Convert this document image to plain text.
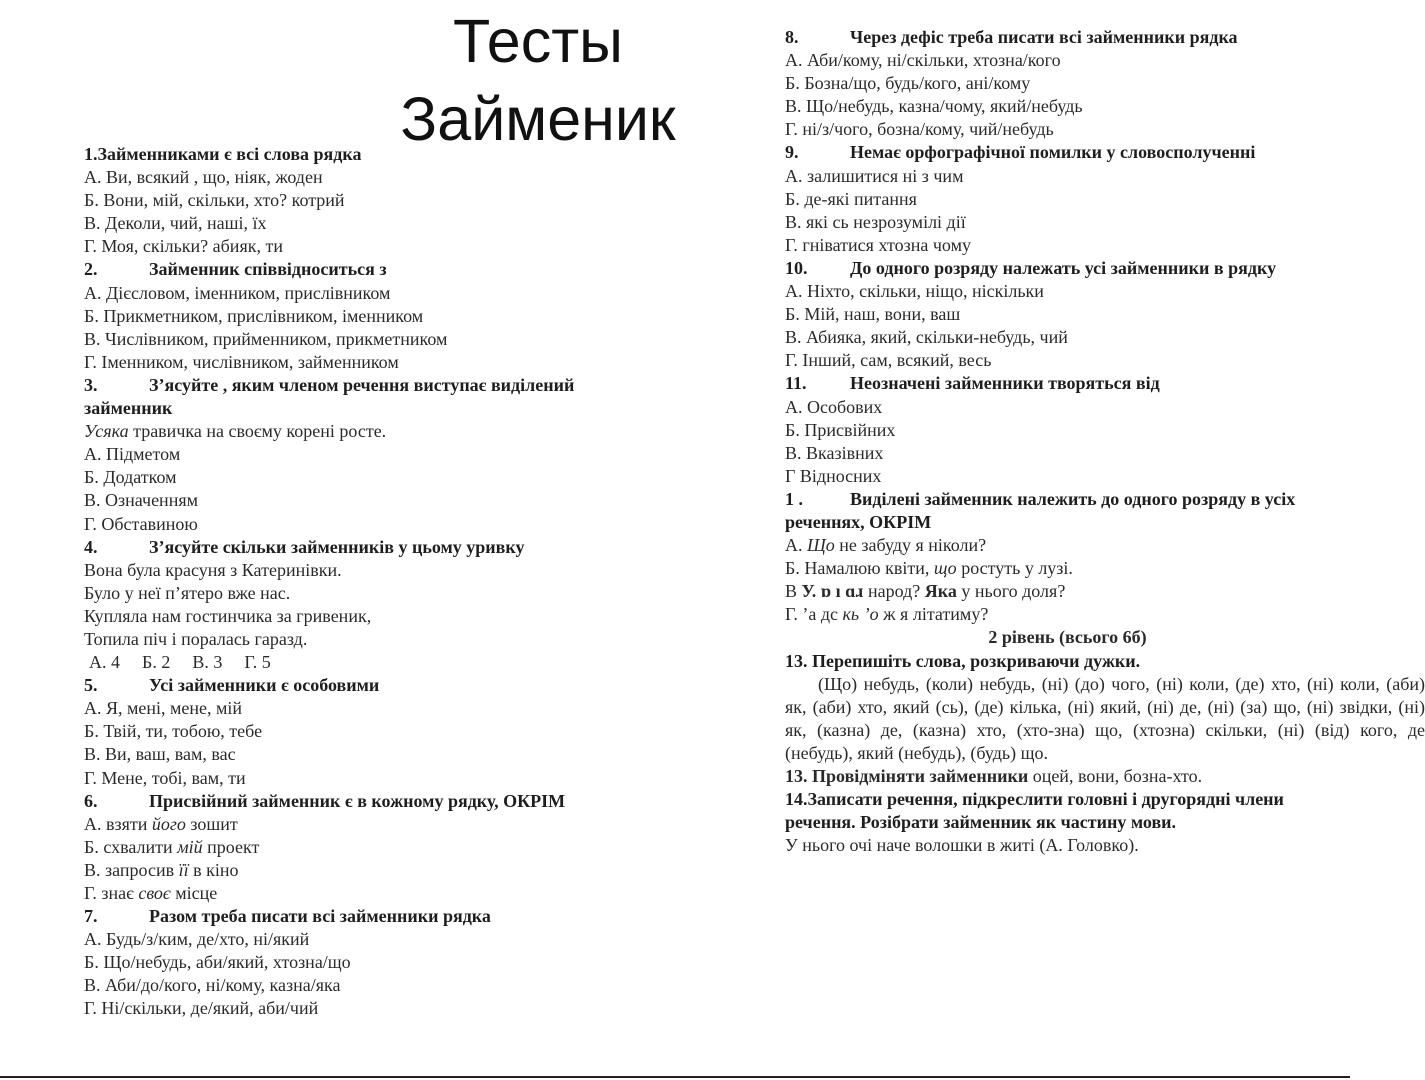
Тесты
Займеник
1.Займенниками є всі слова рядка
А. Ви, всякий , що, ніяк, жоден
Б. Вони, мій, скільки, хто? котрий
В. Деколи, чий, наші, їх
Г. Моя, скільки? абияк, ти
2.	Займенник співвідноситься з
А. Дієсловом, іменником, прислівником
Б. Прикметником, прислівником, іменником
В. Числівником, прийменником, прикметником
Г. Іменником, числівником, займенником
3.	З’ясуйте , яким членом речення виступає виділений
займенник
Усяка травичка на своєму корені росте.
А. Підметом
Б. Додатком
В. Означенням
Г. Обставиною
4.	З’ясуйте скільки займенників у цьому уривку
Вона була красуня з Катеринівки.
Було у неї п’ятеро вже нас.
Купляла нам гостинчика за гривеник,
Топила піч і поралась гаразд.
А. 4 Б. 2 В. 3 Г. 5
5.	Усі займенники є особовими
А. Я, мені, мене, мій
Б. Твій, ти, тобою, тебе
В. Ви, ваш, вам, вас
Г. Мене, тобі, вам, ти
6.	Присвійний займенник є в кожному рядку, ОКРІМ
А. взяти його зошит
Б. схвалити мій проект
В. запросив її в кіно
Г. знає своє місце
7.	Разом треба писати всі займенники рядка
А. Будь/з/ким, де/хто, ні/який
Б. Що/небудь, аби/який, хтозна/що
В. Аби/до/кого, ні/кому, казна/яка
Г. Ні/скільки, де/який, аби/чий
8.	Через дефіс треба писати всі займенники рядка
А. Аби/кому, ні/скільки, хтозна/кого
Б. Бозна/що, будь/кого, ані/кому
В. Що/небудь, казна/чому, який/небудь
Г. ні/з/чого, бозна/кому, чий/небудь
9.	Немає орфографічної помилки у словосполученні
А. залишитися ні з чим
Б. де-які питання
В. які сь незрозумілі дії
Г. гніватися хтозна чому
10. До одного розряду належать усі займенники в рядку
А. Ніхто, скільки, ніщо, ніскільки
Б. Мій, наш, вони, ваш
В. Абияка, який, скільки-небудь, чий
Г. Інший, сам, всякий, весь
11. Неозначені займенники творяться від
А. Особових
Б. Присвійних
В. Вказівних
Г Відносних
1 .	Виділені займенник належить до одного розряду в усіх
реченнях, ОКРІМ
А. Що не забуду я ніколи?
Б. Намалюю квіти, що ростуть у лузі.
В У. ɒ ı ɑɹ народ? Яка у нього доля?
Г. ʼа дс кь ʼо ж я літатиму?
2 рівень (всього 6б)
13. Перепишіть слова, розкриваючи дужки.
(Що) небудь, (коли) небудь, (ні) (до) чого, (ні) коли, (де) хто, (ні) коли, (аби) як, (аби) хто, який (сь), (де) кілька, (ні) який, (ні) де, (ні) (за) що, (ні) звідки, (ні) як, (казна) де, (казна) хто, (хто-зна) що, (хтозна) скільки, (ні) (від) кого, де (небудь), який (небудь), (будь) що.
13. Провідміняти займенники оцей, вони, бозна-хто.
14.Записати речення, підкреслити головні і другорядні члени
речення. Розібрати займенник як частину мови.
У нього очі наче волошки в житі (А. Головко).
